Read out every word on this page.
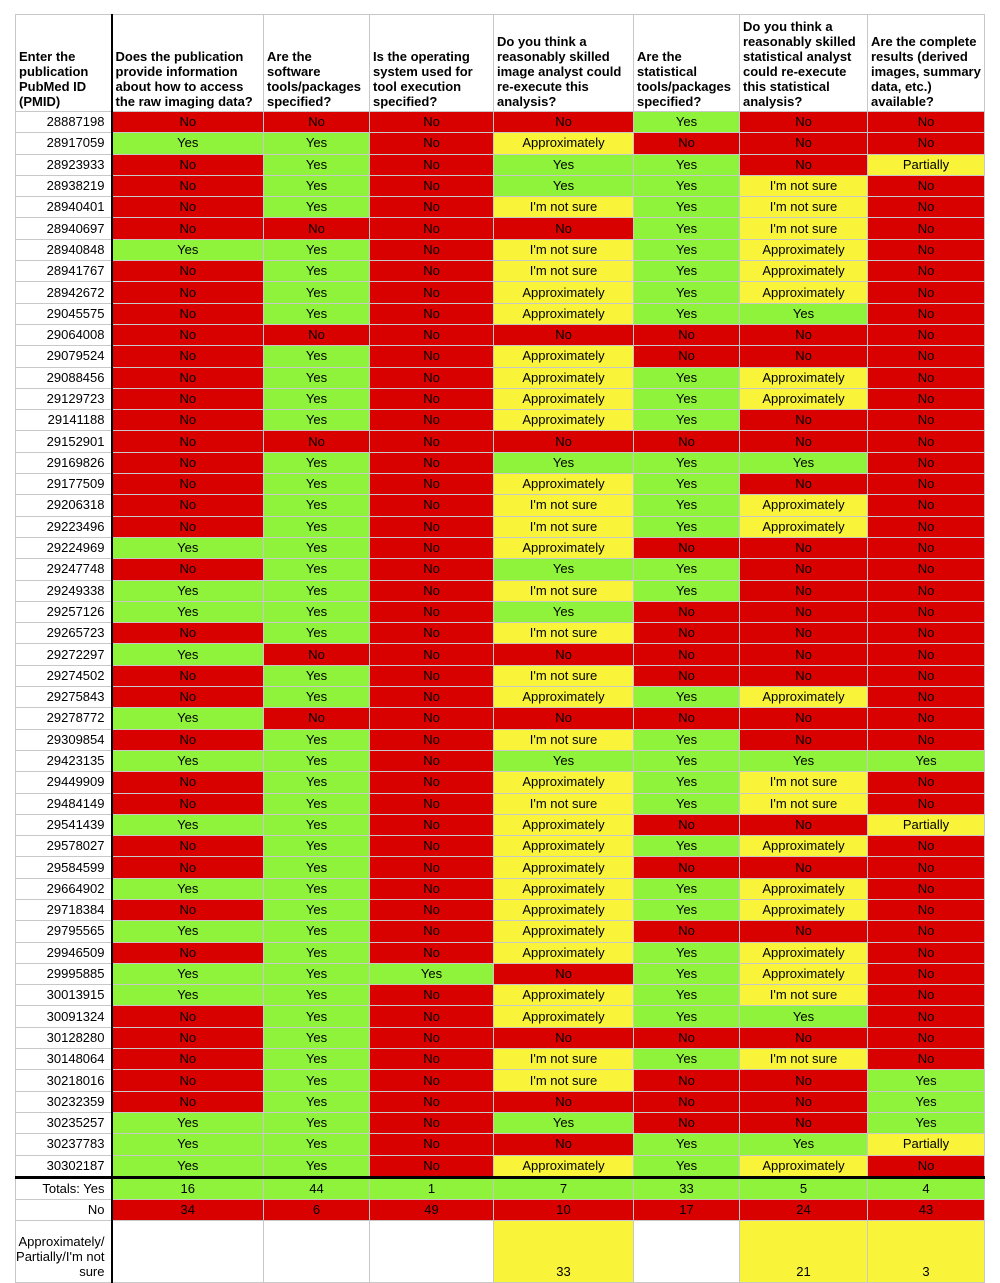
Enter the publication PubMed ID (PMID)	Does the publication provide information about how to access the raw imaging data?	Are the software tools/packages specified?	Is the operating system used for tool execution specified?	Do you think a reasonably skilled image analyst could re-execute this analysis?	Are the statistical tools/packages specified?	Do you think a reasonably skilled statistical analyst could re-execute this statistical analysis?	Are the complete results (derived images, summary data, etc.) available?
28887198	No	No	No	No	Yes	No	No
28917059	Yes	Yes	No	Approximately	No	No	No
28923933	No	Yes	No	Yes	Yes	No	Partially
28938219	No	Yes	No	Yes	Yes	I'm not sure	No
28940401	No	Yes	No	I'm not sure	Yes	I'm not sure	No
28940697	No	No	No	No	Yes	I'm not sure	No
28940848	Yes	Yes	No	I'm not sure	Yes	Approximately	No
28941767	No	Yes	No	I'm not sure	Yes	Approximately	No
28942672	No	Yes	No	Approximately	Yes	Approximately	No
29045575	No	Yes	No	Approximately	Yes	Yes	No
29064008	No	No	No	No	No	No	No
29079524	No	Yes	No	Approximately	No	No	No
29088456	No	Yes	No	Approximately	Yes	Approximately	No
29129723	No	Yes	No	Approximately	Yes	Approximately	No
29141188	No	Yes	No	Approximately	Yes	No	No
29152901	No	No	No	No	No	No	No
29169826	No	Yes	No	Yes	Yes	Yes	No
29177509	No	Yes	No	Approximately	Yes	No	No
29206318	No	Yes	No	I'm not sure	Yes	Approximately	No
29223496	No	Yes	No	I'm not sure	Yes	Approximately	No
29224969	Yes	Yes	No	Approximately	No	No	No
29247748	No	Yes	No	Yes	Yes	No	No
29249338	Yes	Yes	No	I'm not sure	Yes	No	No
29257126	Yes	Yes	No	Yes	No	No	No
29265723	No	Yes	No	I'm not sure	No	No	No
29272297	Yes	No	No	No	No	No	No
29274502	No	Yes	No	I'm not sure	No	No	No
29275843	No	Yes	No	Approximately	Yes	Approximately	No
29278772	Yes	No	No	No	No	No	No
29309854	No	Yes	No	I'm not sure	Yes	No	No
29423135	Yes	Yes	No	Yes	Yes	Yes	Yes
29449909	No	Yes	No	Approximately	Yes	I'm not sure	No
29484149	No	Yes	No	I'm not sure	Yes	I'm not sure	No
29541439	Yes	Yes	No	Approximately	No	No	Partially
29578027	No	Yes	No	Approximately	Yes	Approximately	No
29584599	No	Yes	No	Approximately	No	No	No
29664902	Yes	Yes	No	Approximately	Yes	Approximately	No
29718384	No	Yes	No	Approximately	Yes	Approximately	No
29795565	Yes	Yes	No	Approximately	No	No	No
29946509	No	Yes	No	Approximately	Yes	Approximately	No
29995885	Yes	Yes	Yes	No	Yes	Approximately	No
30013915	Yes	Yes	No	Approximately	Yes	I'm not sure	No
30091324	No	Yes	No	Approximately	Yes	Yes	No
30128280	No	Yes	No	No	No	No	No
30148064	No	Yes	No	I'm not sure	Yes	I'm not sure	No
30218016	No	Yes	No	I'm not sure	No	No	Yes
30232359	No	Yes	No	No	No	No	Yes
30235257	Yes	Yes	No	Yes	No	No	Yes
30237783	Yes	Yes	No	No	Yes	Yes	Partially
30302187	Yes	Yes	No	Approximately	Yes	Approximately	No
Totals: Yes	16	44	1	7	33	5	4
No	34	6	49	10	17	24	43
Approximately/ Partially/I'm not sure				33		21	3
